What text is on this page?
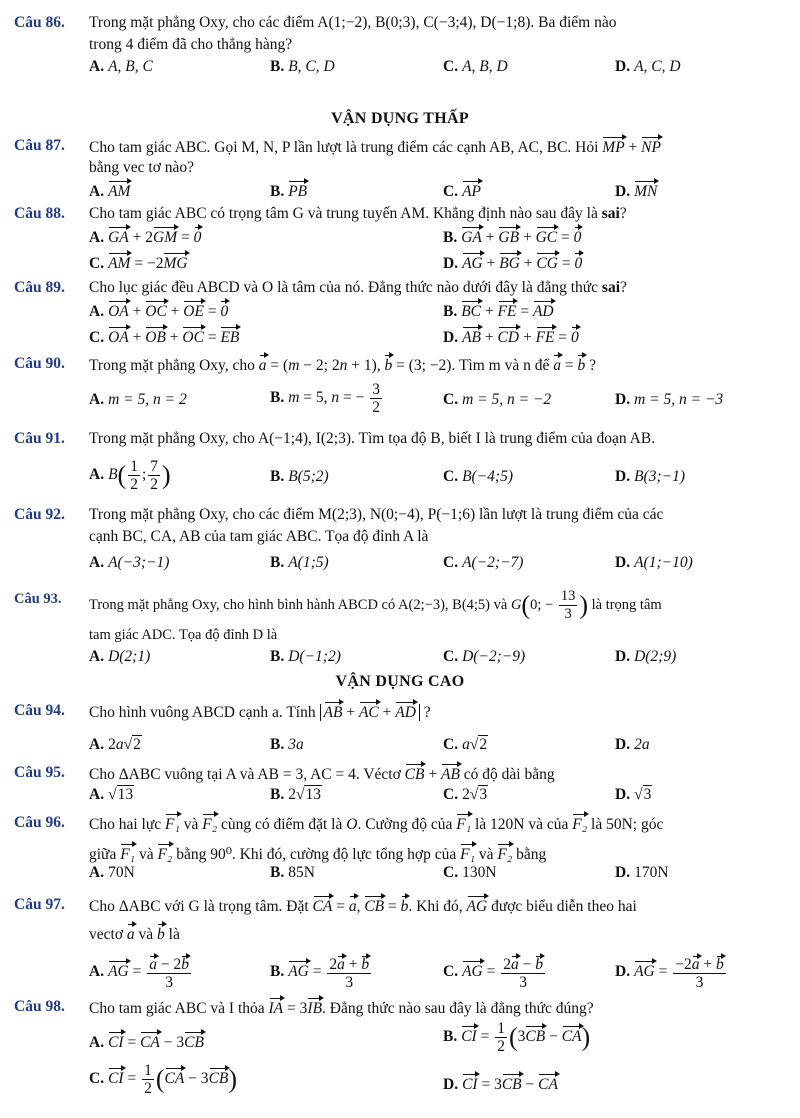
Câu 86. Trong mặt phẳng Oxy, cho các điểm A(1;−2), B(0;3), C(−3;4), D(−1;8). Ba điểm nào
trong 4 điểm đã cho thẳng hàng?
A. A, B, C	B. B, C, D	C. A, B, D	D. A, C, D
VẬN DỤNG THẤP
Câu 87. Cho tam giác ABC. Gọi M, N, P lần lượt là trung điểm các cạnh AB, AC, BC. Hỏi MP + NP
bằng vec tơ nào?
A. AM	B. PB	C. AP	D. MN
Câu 88. Cho tam giác ABC có trọng tâm G và trung tuyến AM. Khẳng định nào sau đây là sai?
A. GA + 2GM = 0	B. GA + GB + GC = 0
C. AM = −2MG	D. AG + BG + CG = 0
Câu 89. Cho lục giác đều ABCD và O là tâm của nó. Đẳng thức nào dưới đây là đẳng thức sai?
A. OA + OC + OE = 0	B. BC + FE = AD
C. OA + OB + OC = EB	D. AB + CD + FE = 0
Câu 90. Trong mặt phẳng Oxy, cho a = (m − 2; 2n + 1), b = (3; −2). Tìm m và n để a = b ?
A. m = 5, n = 2	B. m = 5, n = − $\frac{3}{2}$	C. m = 5, n = −2	D. m = 5, n = −3
Câu 91. Trong mặt phẳng Oxy, cho A(−1;4), I(2;3). Tìm tọa độ B, biết I là trung điểm của đoạn AB.
A. $B( \frac{1}{2}$ ; $\frac{7}{2}$ )	B. B(5;2)	C. B(−4;5)	D. B(3;−1)
Câu 92. Trong mặt phẳng Oxy, cho các điểm M(2;3), N(0;−4), P(−1;6) lần lượt là trung điểm của các
cạnh BC, CA, AB của tam giác ABC. Tọa độ đỉnh A là
A. A(−3;−1)	B. A(1;5)	C. A(−2;−7)	D. A(1;−10)
Câu 93. Trong mặt phẳng Oxy, cho hình bình hành ABCD có A(2;−3), B(4;5) và G(0; − $\frac{13}{3}$ ) là trọng tâm
tam giác ADC. Tọa độ đỉnh D là
A. D(2;1)	B. D(−1;2)	C. D(−2;−9)	D. D(2;9)
VẬN DỤNG CAO
Câu 94. Cho hình vuông ABCD cạnh a. Tính AB + AC + AD ?
A. 2a√2	B. 3a	C. a√2	D. 2a
Câu 95. Cho ΔABC vuông tại A và AB = 3, AC = 4. Véctơ CB + AB có độ dài bằng
A. √13	B. 2√13	C. 2√3	D. √3
Câu 96. Cho hai lực F₁ và F₂ cùng có điểm đặt là O. Cường độ của F₁ là 120N và của F₂ là 50N; góc
giữa F₁ và F₂ bằng 90⁰. Khi đó, cường độ lực tổng hợp của F₁ và F₂ bằng
A. 70N	B. 85N	C. 130N	D. 170N
Câu 97. Cho ΔABC với G là trọng tâm. Đặt CA = a, CB = b. Khi đó, AG được biểu diễn theo hai
vectơ a và b là
A. AG = $\frac{a - 2b}{3}$	B. AG = $\frac{2a + b}{3}$	C. AG = $\frac{2a - b}{3}$	D. AG = $\frac{-2a + b}{3}$
Câu 98. Cho tam giác ABC và I thỏa IA = 3IB. Đẳng thức nào sau đây là đẳng thức đúng?
A. CI = CA − 3CB	B. CI = $\frac{1}{2} (3CB - CA)$
C. CI = $\frac{1}{2} (CA - 3CB)$	D. CI = 3CB − CA
